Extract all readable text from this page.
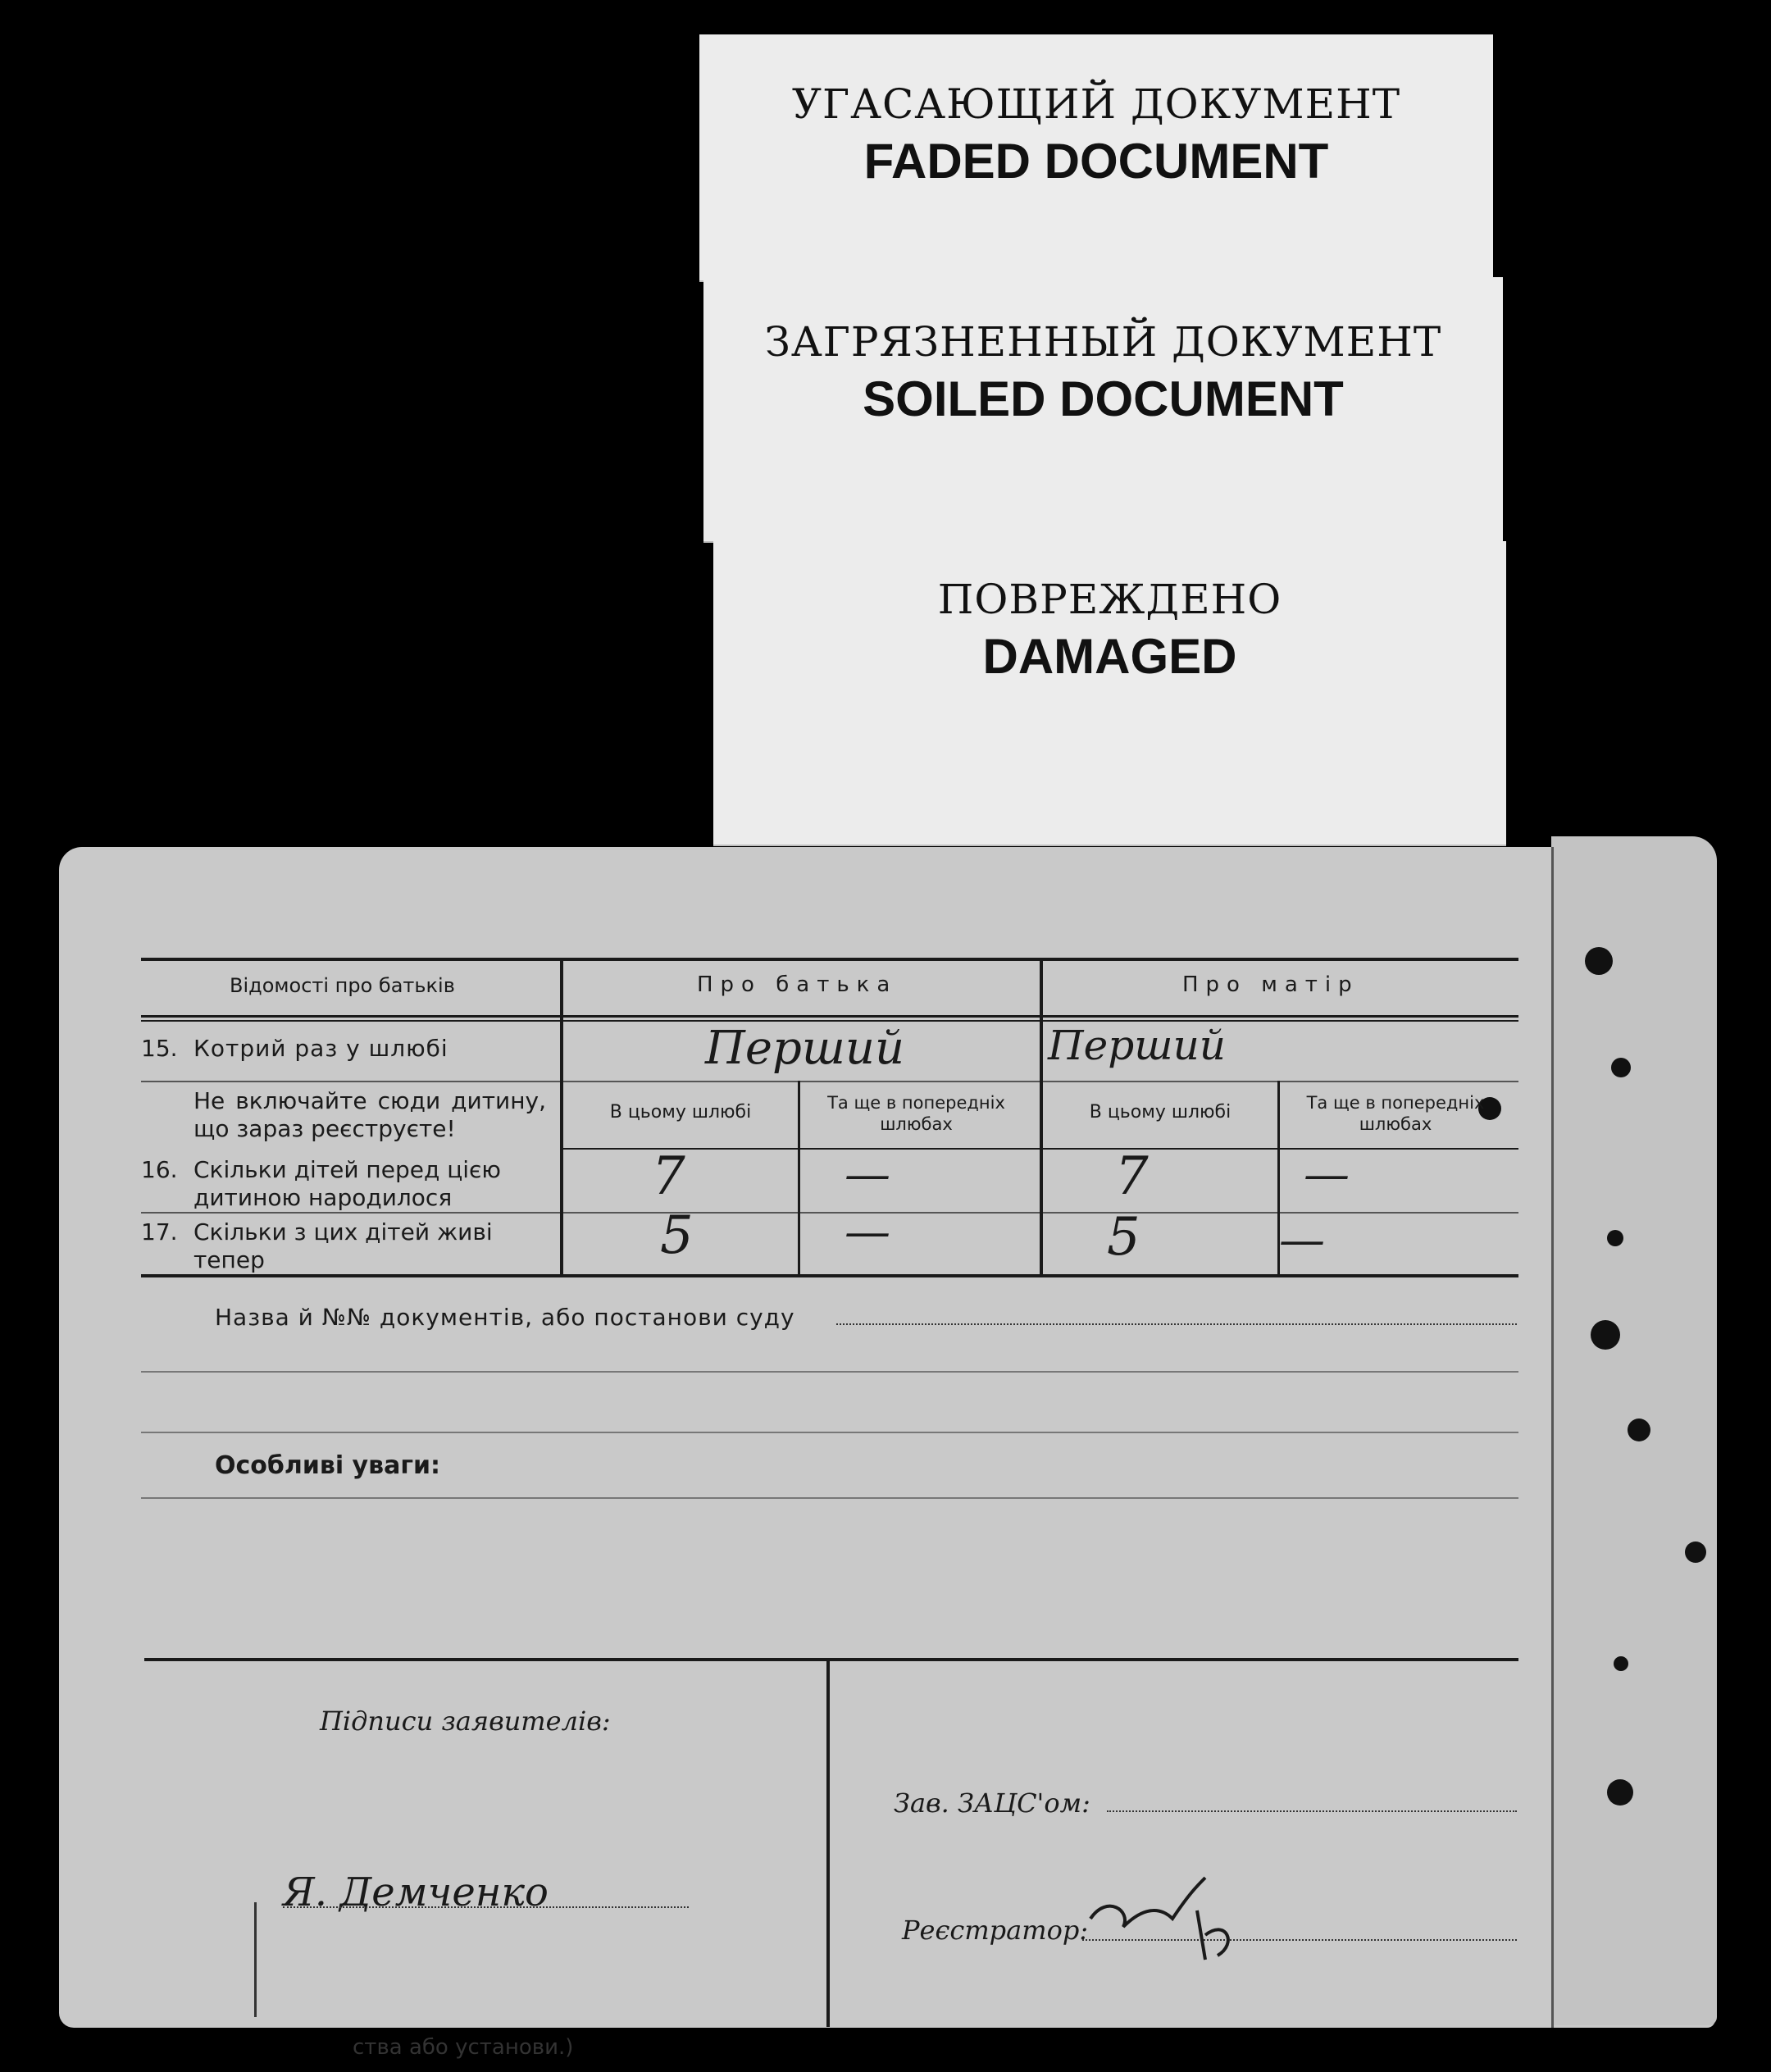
УГАСАЮЩИЙ ДОКУМЕНТ
FADED DOCUMENT
ЗАГРЯЗНЕННЫЙ ДОКУМЕНТ
SOILED DOCUMENT
ПОВРЕЖДЕНО
DAMAGED
Відомості про батьків	Про батька	Про матір
15. Котрий раз у шлюбі	Перший	Перший
Не включайте сюди дитину, що зараз реєструєте!
В цьому шлюбі	Та ще в попередніх шлюбах
В цьому шлюбі	Та ще в попередніх шлюбах
16. Скільки дітей перед цією дитиною народилося	7	—	7	—
17. Скільки з цих дітей живі тепер	5	—	5	—
Назва й №№ документів, або постанови суду
Особливі уваги:
Підписи заявителів:
Я. Демченко
Зав. ЗАЦС'ом:
Реєстратор:
ства або установи.)
